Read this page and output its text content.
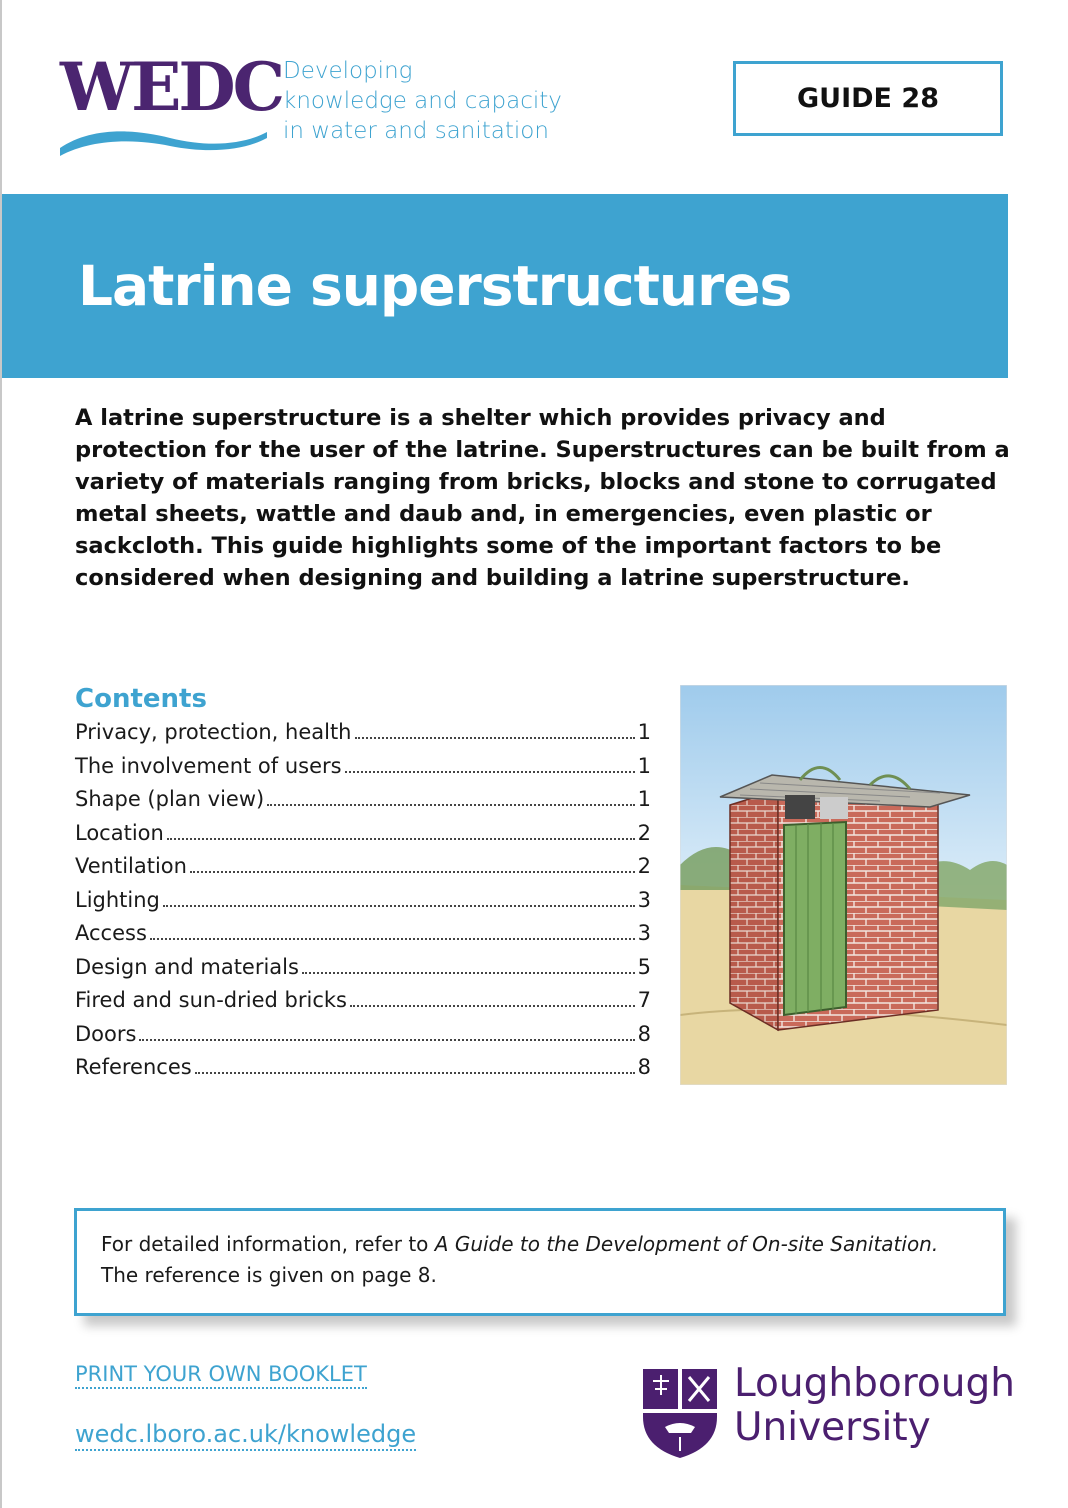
WEDC Developing
knowledge and capacity
in water and sanitation
GUIDE 28
Latrine superstructures

A latrine superstructure is a shelter which provides privacy and protection for the user of the latrine. Superstructures can be built from a variety of materials ranging from bricks, blocks and stone to corrugated metal sheets, wattle and daub and, in emergencies, even plastic or sackcloth. This guide highlights some of the important factors to be considered when designing and building a latrine superstructure.

Contents
Privacy, protection, health	1
The involvement of users	1
Shape (plan view)	1
Location	2
Ventilation	2
Lighting	3
Access	3
Design and materials	5
Fired and sun-dried bricks	7
Doors	8
References	8
For detailed information, refer to A Guide to the Development of On-site Sanitation.
The reference is given on page 8.
PRINT YOUR OWN BOOKLET
wedc.lboro.ac.uk/knowledge
Loughborough
University
